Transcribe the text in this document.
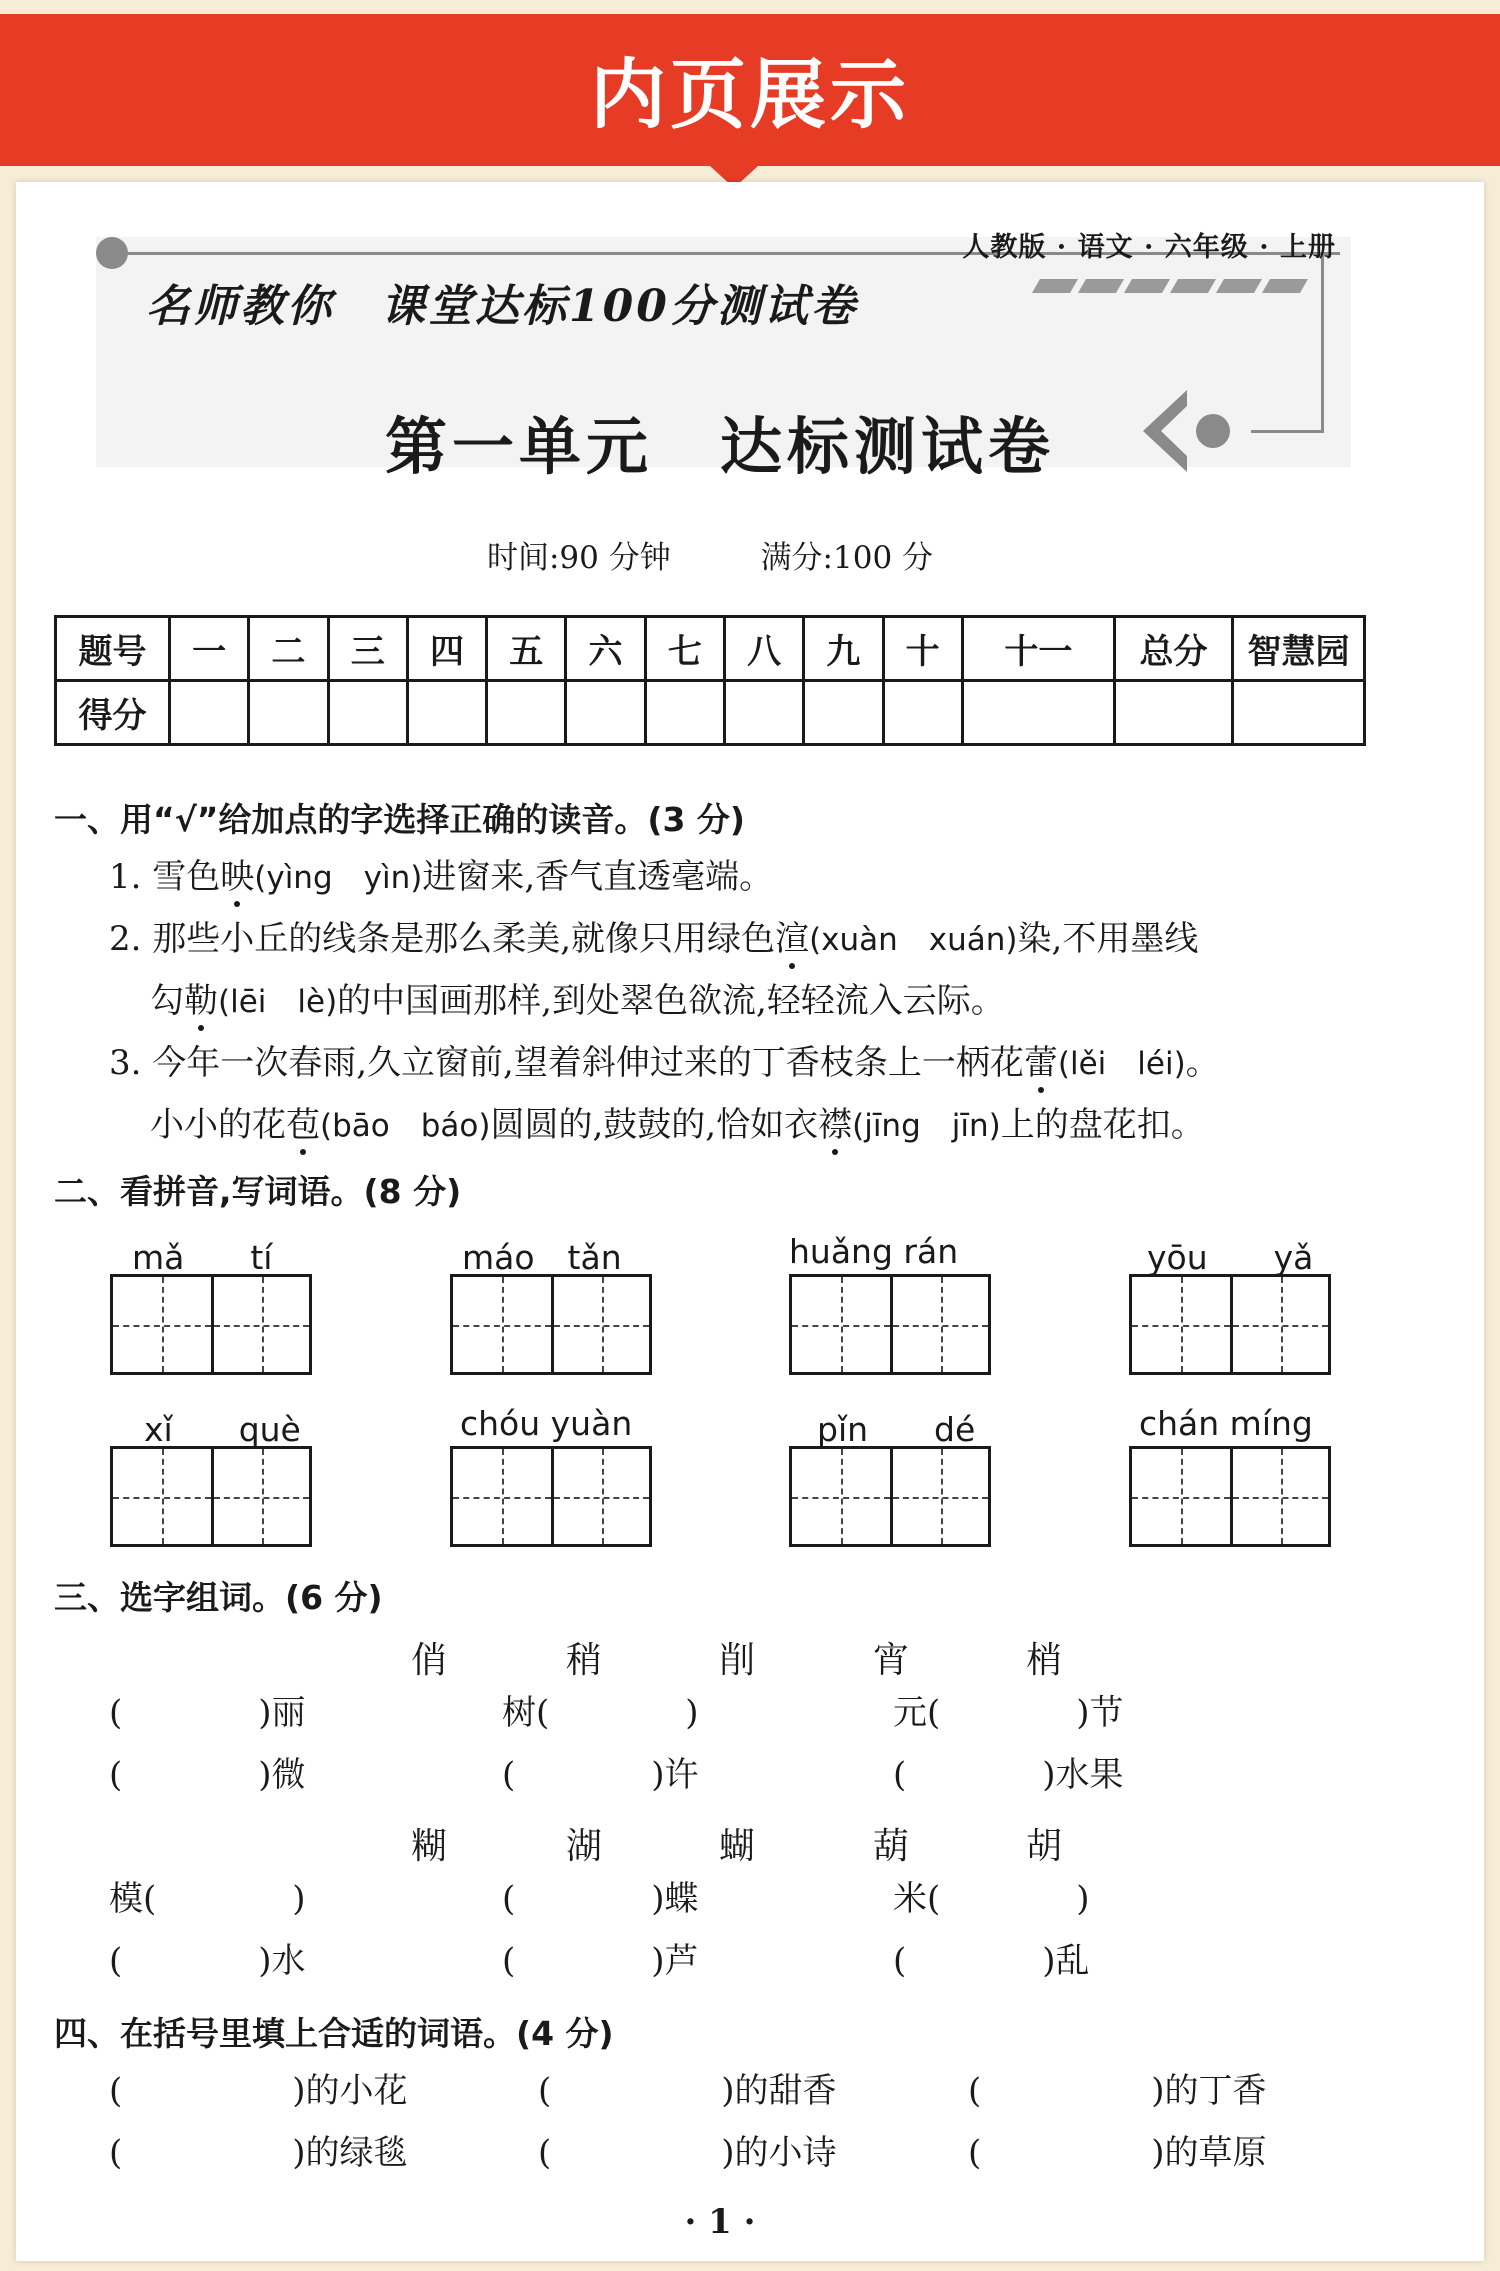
内页展示
人教版 · 语文 · 六年级 · 上册
名师教你　课堂达标100分测试卷
第一单元　达标测试卷
时间:90 分钟	满分:100 分
题号	一	二	三	四	五	六	七	八	九	十	十一	总分	智慧园
得分													
一、用“√”给加点的字选择正确的读音。(3 分)
1. 雪色映(yìng　yìn)进窗来,香气直透毫端。
2. 那些小丘的线条是那么柔美,就像只用绿色渲(xuàn　xuán)染,不用墨线
勾勒(lēi　lè)的中国画那样,到处翠色欲流,轻轻流入云际。
3. 今年一次春雨,久立窗前,望着斜伸过来的丁香枝条上一柄花蕾(lěi　léi)。
小小的花苞(bāo　báo)圆圆的,鼓鼓的,恰如衣襟(jīng　jīn)上的盘花扣。
二、看拼音,写词语。(8 分)
mǎ　　tí	máo　tǎn	huǎng rán	yōu　　yǎ
xǐ　　què	chóu yuàn	pǐn　　dé	chán míng
三、选字组词。(6 分)
俏	稍	削	宵	梢
(　　　　)丽	树(　　　　)	元(　　　　)节
(　　　　)微	(　　　　)许	(　　　　)水果
糊	湖	蝴	葫	胡
模(　　　　)	(　　　　)蝶	米(　　　　)
(　　　　)水	(　　　　)芦	(　　　　)乱
四、在括号里填上合适的词语。(4 分)
(　　　　　)的小花	(　　　　　)的甜香	(　　　　　)的丁香
(　　　　　)的绿毯	(　　　　　)的小诗	(　　　　　)的草原
· 1 ·
